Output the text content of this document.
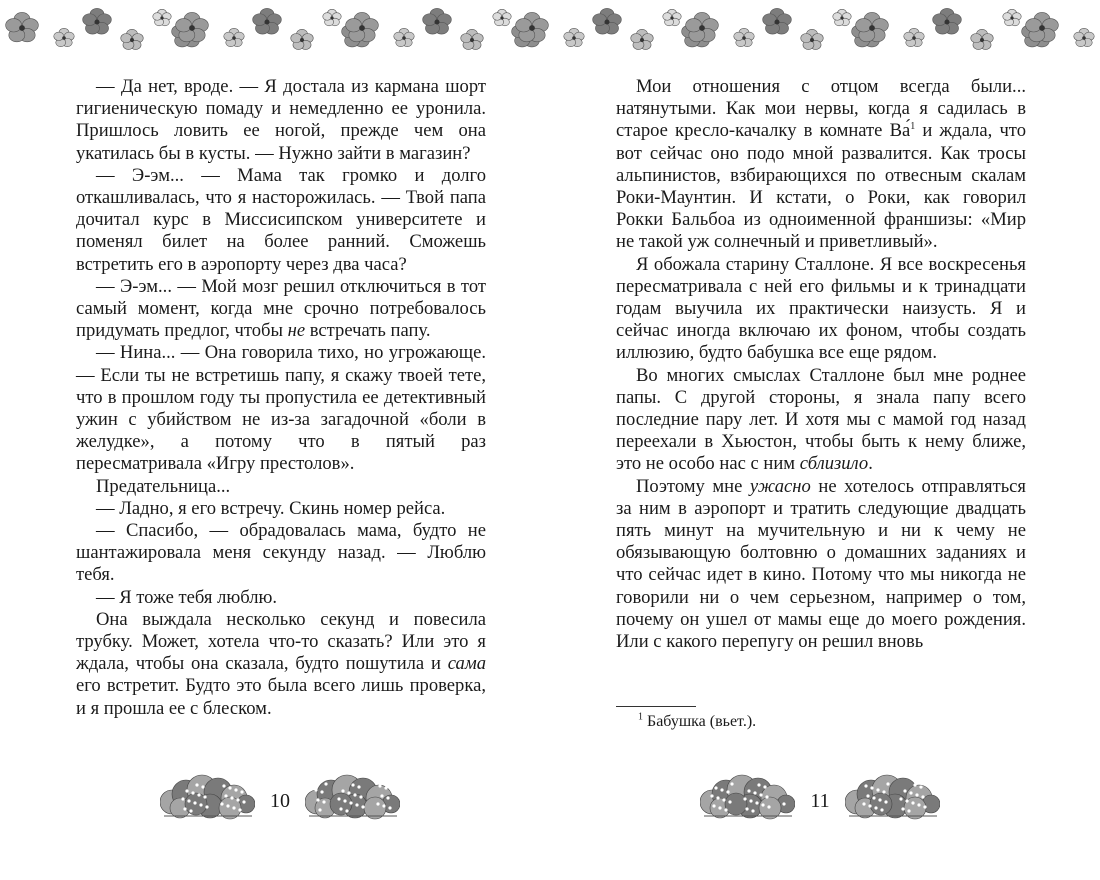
— Да нет, вроде. — Я достала из кармана шорт гигиеническую помаду и немедленно ее уронила. Пришлось ловить ее ногой, прежде чем она укатилась бы в кусты. — Нужно зайти в магазин?

— Э-эм... — Мама так громко и долго откашливалась, что я насторожилась. — Твой папа дочитал курс в Миссисипском университете и поменял билет на более ранний. Сможешь встретить его в аэропорту через два часа?

— Э-эм... — Мой мозг решил отключиться в тот самый момент, когда мне срочно потребовалось придумать предлог, чтобы не встречать папу.

— Нина... — Она говорила тихо, но угрожающе. — Если ты не встретишь папу, я скажу твоей тете, что в прошлом году ты пропустила ее детективный ужин с убийством не из-за загадочной «боли в желудке», а потому что в пятый раз пересматривала «Игру престолов».

Предательница...

— Ладно, я его встречу. Скинь номер рейса.

— Спасибо, — обрадовалась мама, будто не шантажировала меня секунду назад. — Люблю тебя.

— Я тоже тебя люблю.

Она выждала несколько секунд и повесила трубку. Может, хотела что-то сказать? Или это я ждала, чтобы она сказала, будто пошутила и сама его встретит. Будто это была всего лишь проверка, и я прошла ее с блеском.

Мои отношения с отцом всегда были... натянутыми. Как мои нервы, когда я садилась в старое кресло-качалку в комнате Ва́$^1$ и ждала, что вот сейчас оно подо мной развалится. Как тросы альпинистов, взбирающихся по отвесным скалам Роки-Маунтин. И кстати, о Роки, как говорил Рокки Бальбоа из одноименной франшизы: «Мир не такой уж солнечный и приветливый».

Я обожала старину Сталлоне. Я все воскресенья пересматривала с ней его фильмы и к тринадцати годам выучила их практически наизусть. Я и сейчас иногда включаю их фоном, чтобы создать иллюзию, будто бабушка все еще рядом.

Во многих смыслах Сталлоне был мне роднее папы. С другой стороны, я знала папу всего последние пару лет. И хотя мы с мамой год назад переехали в Хьюстон, чтобы быть к нему ближе, это не особо нас с ним сблизило.

Поэтому мне ужасно не хотелось отправляться за ним в аэропорт и тратить следующие двадцать пять минут на мучительную и ни к чему не обязывающую болтовню о домашних заданиях и что сейчас идет в кино. Потому что мы никогда не говорили ни о чем серьезном, например о том, почему он ушел от мамы еще до моего рождения. Или с какого перепугу он решил вновь

$^1$ Бабушка (вьет.).
10	11
